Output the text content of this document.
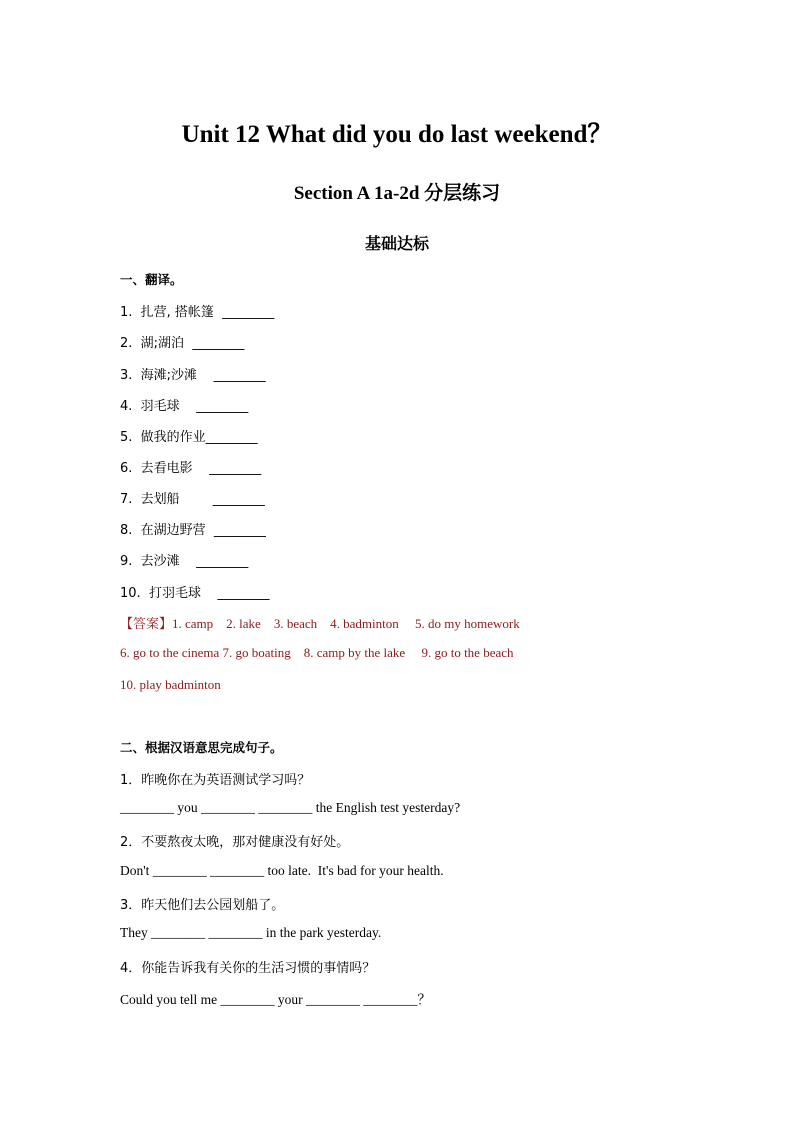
Unit 12 What did you do last weekend？
Section A 1a-2d 分层练习
基础达标
一、翻译。
1.  扎营, 搭帐篷  ________
2.  湖;湖泊  ________
3.  海滩;沙滩    ________
4.  羽毛球    ________
5.  做我的作业________
6.  去看电影    ________
7.  去划船        ________
8.  在湖边野营  ________
9.  去沙滩    ________
10.  打羽毛球    ________
【答案】1. camp    2. lake    3. beach    4. badminton     5. do my homework
6. go to the cinema 7. go boating    8. camp by the lake     9. go to the beach
10. play badminton
二、根据汉语意思完成句子。
1．昨晚你在为英语测试学习吗？
________ you ________ ________ the English test yesterday?
2．不要熬夜太晚，那对健康没有好处。
Don't ________ ________ too late.  It's bad for your health.
3．昨天他们去公园划船了。
They ________ ________ in the park yesterday.
4．你能告诉我有关你的生活习惯的事情吗？
Could you tell me ________ your ________ ________？
